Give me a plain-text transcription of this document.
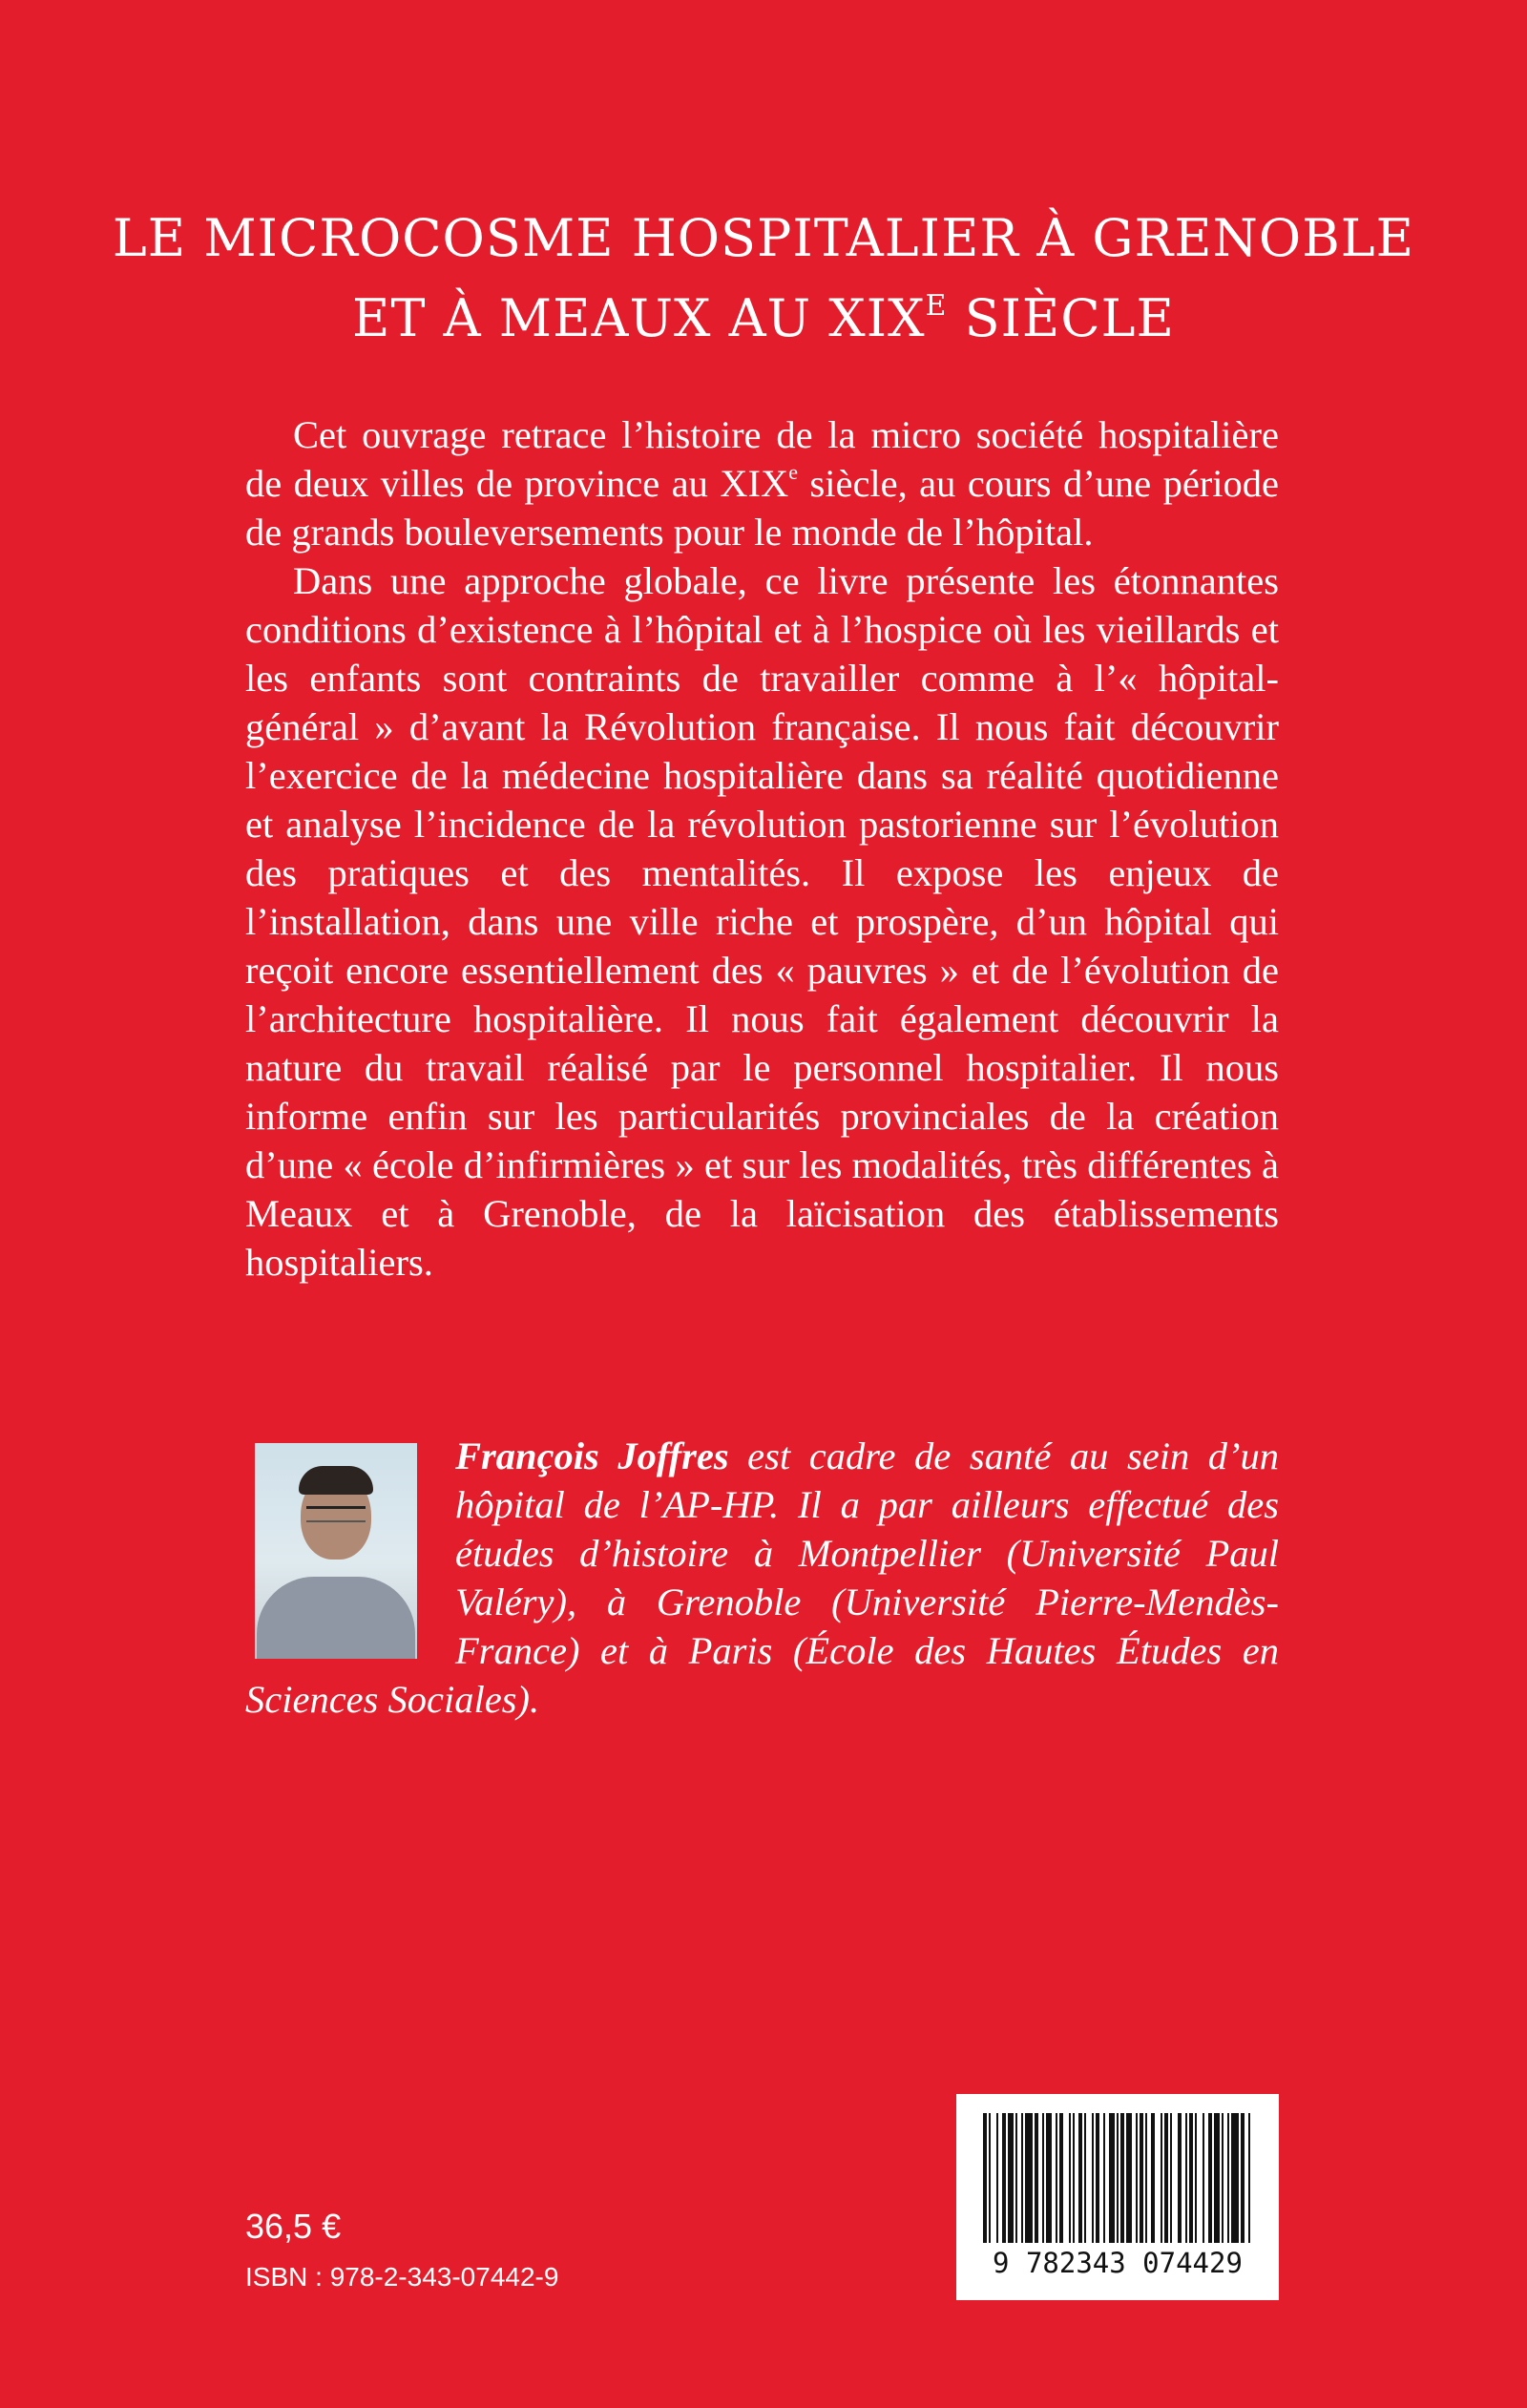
LE MICROCOSME HOSPITALIER À GRENOBLE
ET À MEAUX AU $XIX^E$ SIÈCLE

Cet ouvrage retrace l’histoire de la micro société hospitalière de deux villes de province au XIXe siècle, au cours d’une période de grands bouleversements pour le monde de l’hôpital.

Dans une approche globale, ce livre présente les étonnantes conditions d’existence à l’hôpital et à l’hospice où les vieillards et les enfants sont contraints de travailler comme à l’« hôpital-général » d’avant la Révolution française. Il nous fait découvrir l’exercice de la médecine hospitalière dans sa réalité quotidienne et analyse l’incidence de la révolution pastorienne sur l’évolution des pratiques et des mentalités. Il expose les enjeux de l’installation, dans une ville riche et prospère, d’un hôpital qui reçoit encore essentiellement des « pauvres » et de l’évolution de l’architecture hospitalière. Il nous fait également découvrir la nature du travail réalisé par le personnel hospitalier. Il nous informe enfin sur les particularités provinciales de la création d’une « école d’infirmières » et sur les modalités, très différentes à Meaux et à Grenoble, de la laïcisation des établissements hospitaliers.

François Joffres est cadre de santé au sein d’un hôpital de l’AP-HP. Il a par ailleurs effectué des études d’histoire à Montpellier (Université Paul Valéry), à Grenoble (Université Pierre-Mendès-France) et à Paris (École des Hautes Études en Sciences Sociales).
36,5 €
ISBN : 978-2-343-07442-9	9 782343 074429
